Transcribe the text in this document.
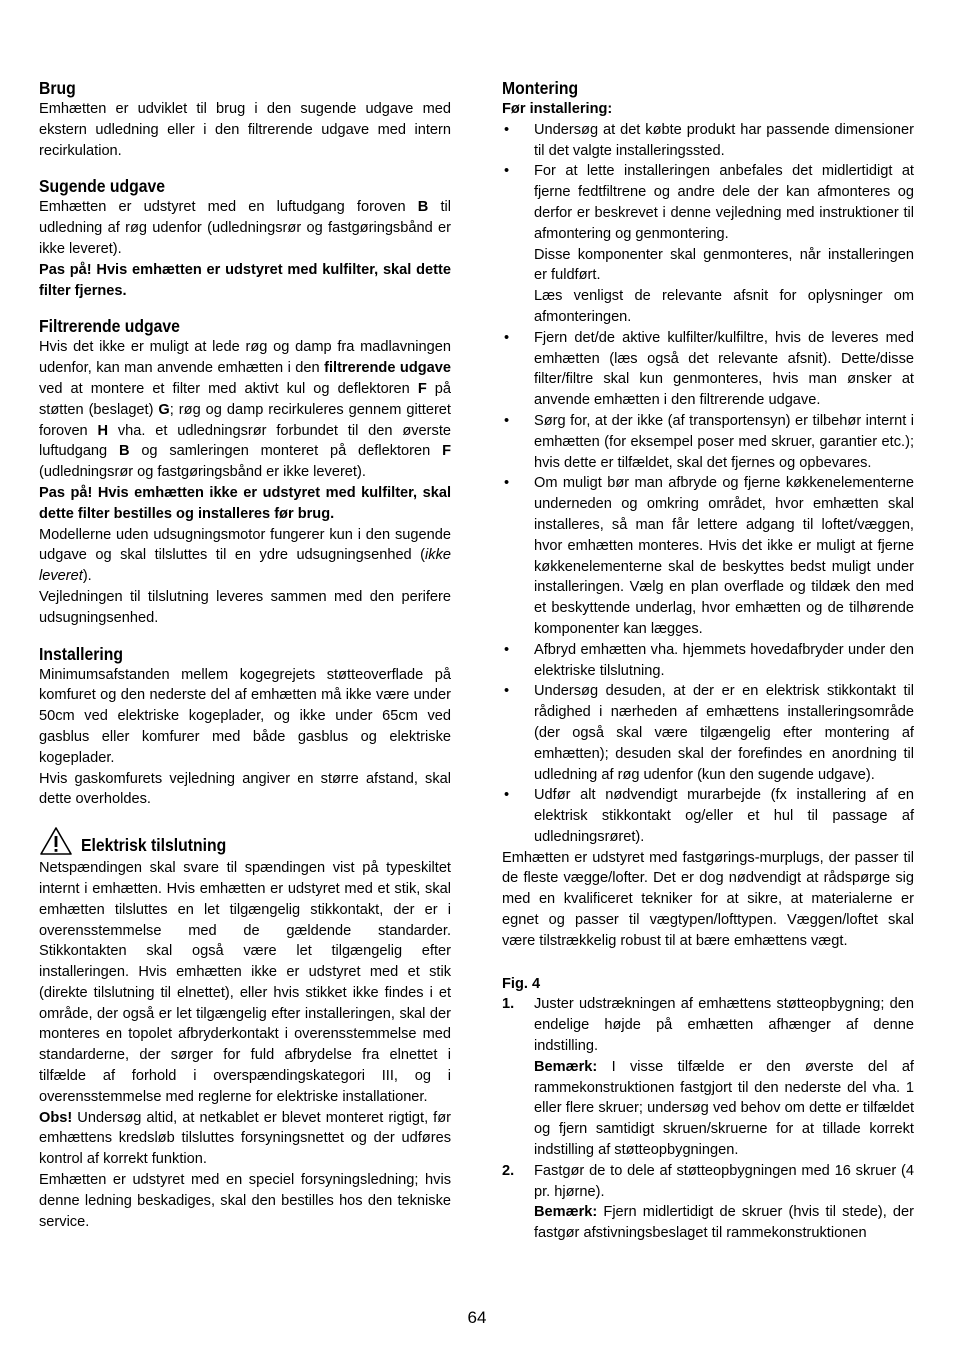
Brug

Emhætten er udviklet til brug i den sugende udgave med ekstern udledning eller i den filtrerende udgave med intern recirkulation.

Sugende udgave

Emhætten er udstyret med en luftudgang foroven B til udledning af røg udenfor (udledningsrør og fastgøringsbånd er ikke leveret).

Pas på! Hvis emhætten er udstyret med kulfilter, skal dette filter fjernes.

Filtrerende udgave

Hvis det ikke er muligt at lede røg og damp fra madlavningen udenfor, kan man anvende emhætten i den filtrerende udgave ved at montere et filter med aktivt kul og deflektoren F på støtten (beslaget) G; røg og damp recirkuleres gennem gitteret foroven H vha. et udledningsrør forbundet til den øverste luftudgang B og samleringen monteret på deflektoren F (udledningsrør og fastgøringsbånd er ikke leveret).

Pas på! Hvis emhætten ikke er udstyret med kulfilter, skal dette filter bestilles og installeres før brug.

Modellerne uden udsugningsmotor fungerer kun i den sugende udgave og skal tilsluttes til en ydre udsugningsenhed (ikke leveret).

Vejledningen til tilslutning leveres sammen med den perifere udsugningsenhed.

Installering

Minimumsafstanden mellem kogegrejets støtteoverflade på komfuret og den nederste del af emhætten må ikke være under 50cm ved elektriske kogeplader, og ikke under 65cm ved gasblus eller komfurer med både gasblus og elektriske kogeplader.

Hvis gaskomfurets vejledning angiver en større afstand, skal dette overholdes.

Elektrisk tilslutning

Netspændingen skal svare til spændingen vist på typeskiltet internt i emhætten. Hvis emhætten er udstyret med et stik, skal emhætten tilsluttes en let tilgængelig stikkontakt, der er i overensstemmelse med de gældende standarder. Stikkontakten skal også være let tilgængelig efter installeringen. Hvis emhætten ikke er udstyret med et stik (direkte tilslutning til elnettet), eller hvis stikket ikke findes i et område, der også er let tilgængelig efter installeringen, skal der monteres en topolet afbryderkontakt i overensstemmelse med standarderne, der sørger for fuld afbrydelse fra elnettet i tilfælde af forhold i overspændingskategori III, og i overensstemmelse med reglerne for elektriske installationer.

Obs! Undersøg altid, at netkablet er blevet monteret rigtigt, før emhættens kredsløb tilsluttes forsyningsnettet og der udføres kontrol af korrekt funktion.

Emhætten er udstyret med en speciel forsyningsledning; hvis denne ledning beskadiges, skal den bestilles hos den tekniske service.

Montering

Før installering:

• Undersøg at det købte produkt har passende dimensioner til det valgte installeringssted.
• For at lette installeringen anbefales det midlertidigt at fjerne fedtfiltrene og andre dele der kan afmonteres og derfor er beskrevet i denne vejledning med instruktioner til afmontering og genmontering.
Disse komponenter skal genmonteres, når installeringen er fuldført.
Læs venligst de relevante afsnit for oplysninger om afmonteringen.
• Fjern det/de aktive kulfilter/kulfiltre, hvis de leveres med emhætten (læs også det relevante afsnit). Dette/disse filter/filtre skal kun genmonteres, hvis man ønsker at anvende emhætten i den filtrerende udgave.
• Sørg for, at der ikke (af transportensyn) er tilbehør internt i emhætten (for eksempel poser med skruer, garantier etc.); hvis dette er tilfældet, skal det fjernes og opbevares.
• Om muligt bør man afbryde og fjerne køkkenelementerne underneden og omkring området, hvor emhætten skal installeres, så man får lettere adgang til loftet/væggen, hvor emhætten monteres. Hvis det ikke er muligt at fjerne køkkenelementerne skal de beskyttes bedst muligt under installeringen. Vælg en plan overflade og tildæk den med et beskyttende underlag, hvor emhætten og de tilhørende komponenter kan lægges.
• Afbryd emhætten vha. hjemmets hovedafbryder under den elektriske tilslutning.
• Undersøg desuden, at der er en elektrisk stikkontakt til rådighed i nærheden af emhættens installeringsområde (der også skal være tilgængelig efter montering af emhætten); desuden skal der forefindes en anordning til udledning af røg udenfor (kun den sugende udgave).
• Udfør alt nødvendigt murarbejde (fx installering af en elektrisk stikkontakt og/eller et hul til passage af udledningsrøret).

Emhætten er udstyret med fastgørings-murplugs, der passer til de fleste vægge/lofter. Det er dog nødvendigt at rådspørge sig med en kvalificeret tekniker for at sikre, at materialerne er egnet og passer til vægtypen/lofttypen. Væggen/loftet skal være tilstrækkelig robust til at bære emhættens vægt.

Fig. 4

1. Juster udstrækningen af emhættens støtteopbygning; den endelige højde på emhætten afhænger af denne indstilling.
Bemærk: I visse tilfælde er den øverste del af rammekonstruktionen fastgjort til den nederste del vha. 1 eller flere skruer; undersøg ved behov om dette er tilfældet og fjern samtidigt skruen/skruerne for at tillade korrekt indstilling af støtteopbygningen.
2. Fastgør de to dele af støtteopbygningen med 16 skruer (4 pr. hjørne).
Bemærk: Fjern midlertidigt de skruer (hvis til stede), der fastgør afstivningsbeslaget til rammekonstruktionen
64
